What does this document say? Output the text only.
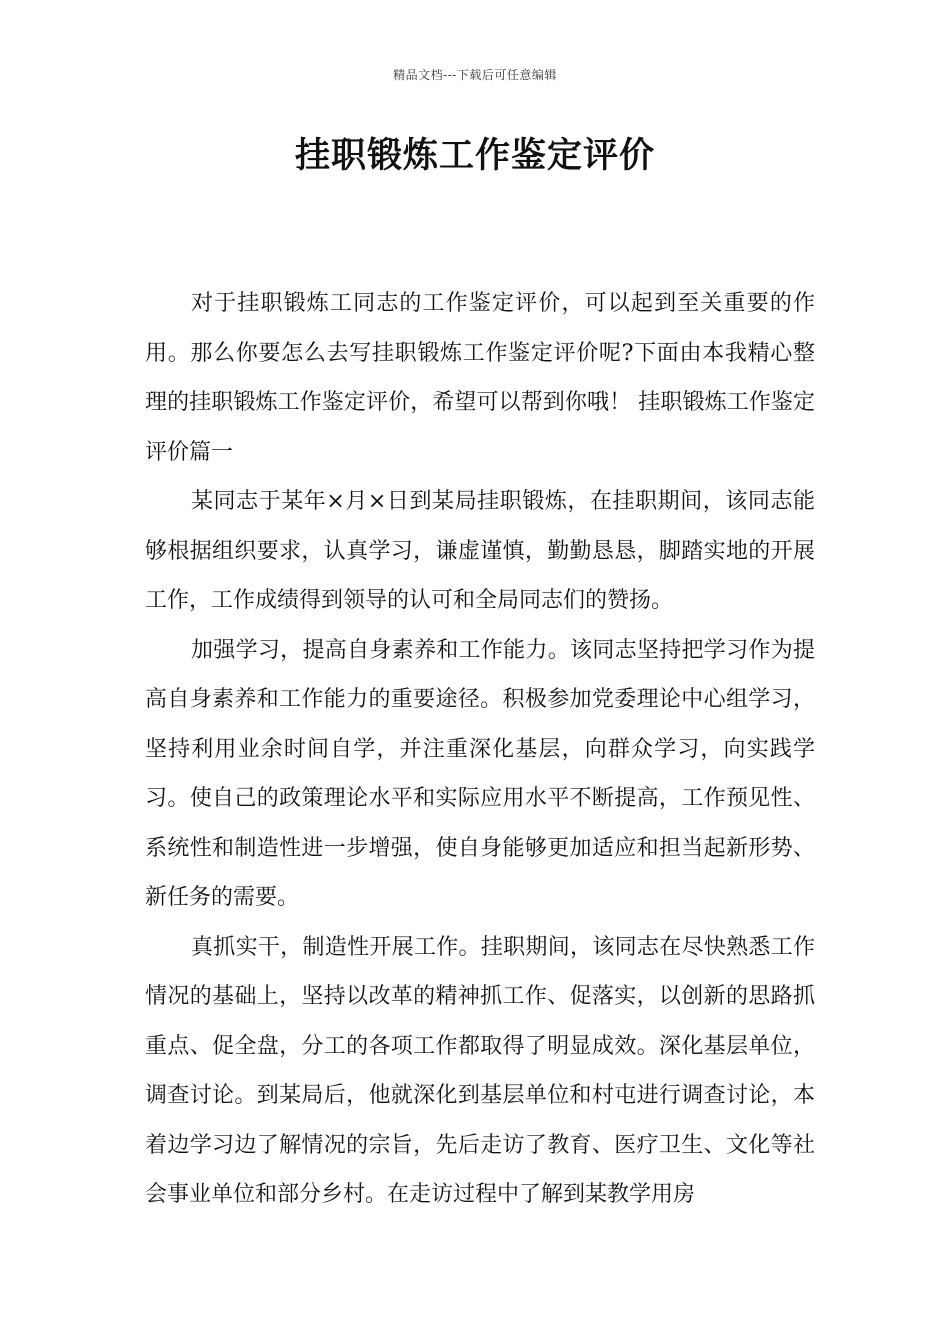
精品文档---下载后可任意编辑
挂职锻炼工作鉴定评价

对于挂职锻炼工同志的工作鉴定评价，可以起到至关重要的作用。那么你要怎么去写挂职锻炼工作鉴定评价呢?下面由本我精心整理的挂职锻炼工作鉴定评价，希望可以帮到你哦！ 挂职锻炼工作鉴定评价篇一

某同志于某年×月×日到某局挂职锻炼，在挂职期间，该同志能够根据组织要求，认真学习，谦虚谨慎，勤勤恳恳，脚踏实地的开展工作，工作成绩得到领导的认可和全局同志们的赞扬。

加强学习，提高自身素养和工作能力。该同志坚持把学习作为提高自身素养和工作能力的重要途径。积极参加党委理论中心组学习，坚持利用业余时间自学，并注重深化基层，向群众学习，向实践学习。使自己的政策理论水平和实际应用水平不断提高，工作预见性、系统性和制造性进一步增强，使自身能够更加适应和担当起新形势、新任务的需要。

真抓实干，制造性开展工作。挂职期间，该同志在尽快熟悉工作情况的基础上，坚持以改革的精神抓工作、促落实，以创新的思路抓重点、促全盘，分工的各项工作都取得了明显成效。深化基层单位，调查讨论。到某局后，他就深化到基层单位和村屯进行调查讨论，本着边学习边了解情况的宗旨，先后走访了教育、医疗卫生、文化等社会事业单位和部分乡村。在走访过程中了解到某教学用房
